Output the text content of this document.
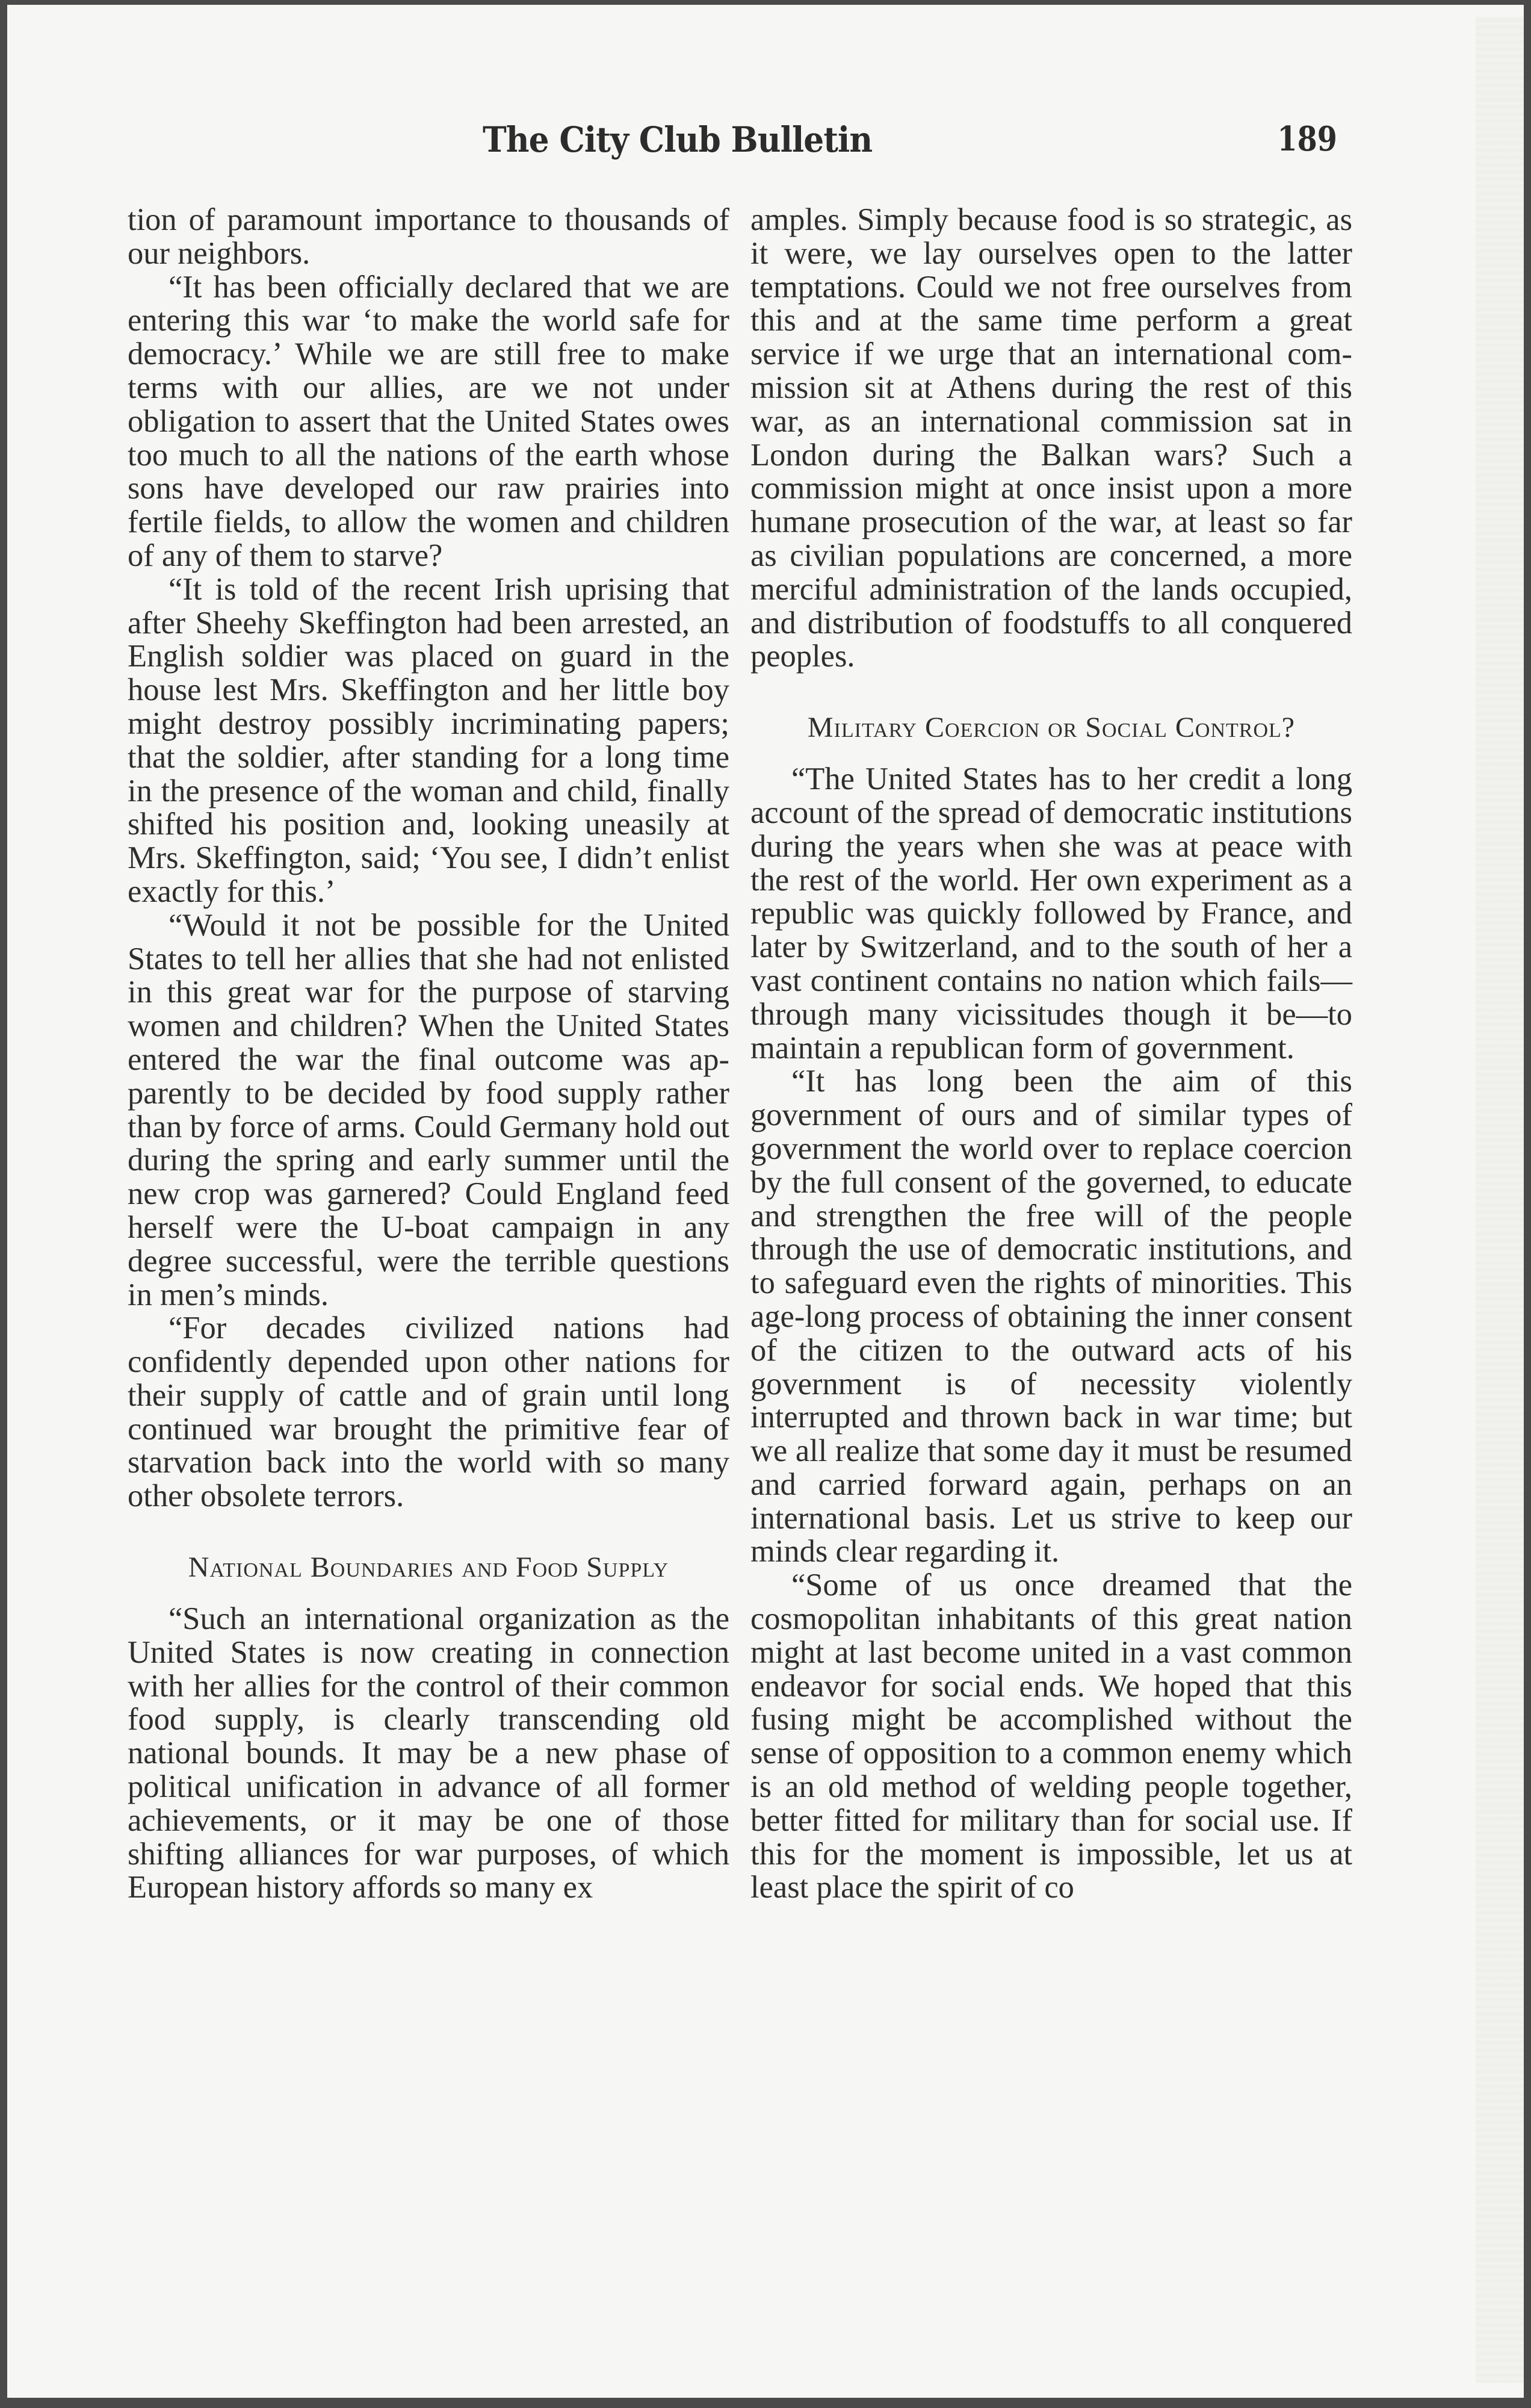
The City Club Bulletin	189

tion of paramount importance to thousands of our neighbors.

“It has been officially declared that we are entering this war ‘to make the world safe for democracy.’ While we are still free to make terms with our allies, are we not under obligation to assert that the United States owes too much to all the nations of the earth whose sons have developed our raw prairies into fertile fields, to allow the women and children of any of them to starve?

“It is told of the recent Irish uprising that after Sheehy Skeffington had been arrested, an English soldier was placed on guard in the house lest Mrs. Skeffington and her little boy might destroy possibly incriminating papers; that the soldier, after standing for a long time in the presence of the woman and child, finally shifted his position and, looking uneasily at Mrs. Skeffington, said; ‘You see, I didn’t enlist exactly for this.’

“Would it not be possible for the United States to tell her allies that she had not enlisted in this great war for the purpose of starving women and children? When the United States entered the war the final outcome was apparently to be decided by food supply rather than by force of arms. Could Germany hold out during the spring and early summer until the new crop was garnered? Could England feed herself were the U-boat campaign in any degree successful, were the terrible questions in men’s minds.

“For decades civilized nations had confidently depended upon other nations for their supply of cattle and of grain until long continued war brought the primitive fear of starvation back into the world with so many other obsolete terrors.

National Boundaries and Food Supply

“Such an international organization as the United States is now creating in connection with her allies for the control of their common food supply, is clearly transcending old national bounds. It may be a new phase of political unification in advance of all former achievements, or it may be one of those shifting alliances for war purposes, of which European history affords so many ex

amples. Simply because food is so strategic, as it were, we lay ourselves open to the latter temptations. Could we not free ourselves from this and at the same time perform a great service if we urge that an international commission sit at Athens during the rest of this war, as an international commission sat in London during the Balkan wars? Such a commission might at once insist upon a more humane prosecution of the war, at least so far as civilian populations are concerned, a more merciful administration of the lands occupied, and distribution of foodstuffs to all conquered peoples.

Military Coercion or Social Control?

“The United States has to her credit a long account of the spread of democratic institutions during the years when she was at peace with the rest of the world. Her own experiment as a republic was quickly followed by France, and later by Switzerland, and to the south of her a vast continent contains no nation which fails—through many vicissitudes though it be—to maintain a republican form of government.

“It has long been the aim of this government of ours and of similar types of government the world over to replace coercion by the full consent of the governed, to educate and strengthen the free will of the people through the use of democratic institutions, and to safeguard even the rights of minorities. This age-long process of obtaining the inner consent of the citizen to the outward acts of his government is of necessity violently interrupted and thrown back in war time; but we all realize that some day it must be resumed and carried forward again, perhaps on an international basis. Let us strive to keep our minds clear regarding it.

“Some of us once dreamed that the cosmopolitan inhabitants of this great nation might at last become united in a vast common endeavor for social ends. We hoped that this fusing might be accomplished without the sense of opposition to a common enemy which is an old method of welding people together, better fitted for military than for social use. If this for the moment is impossible, let us at least place the spirit of co
